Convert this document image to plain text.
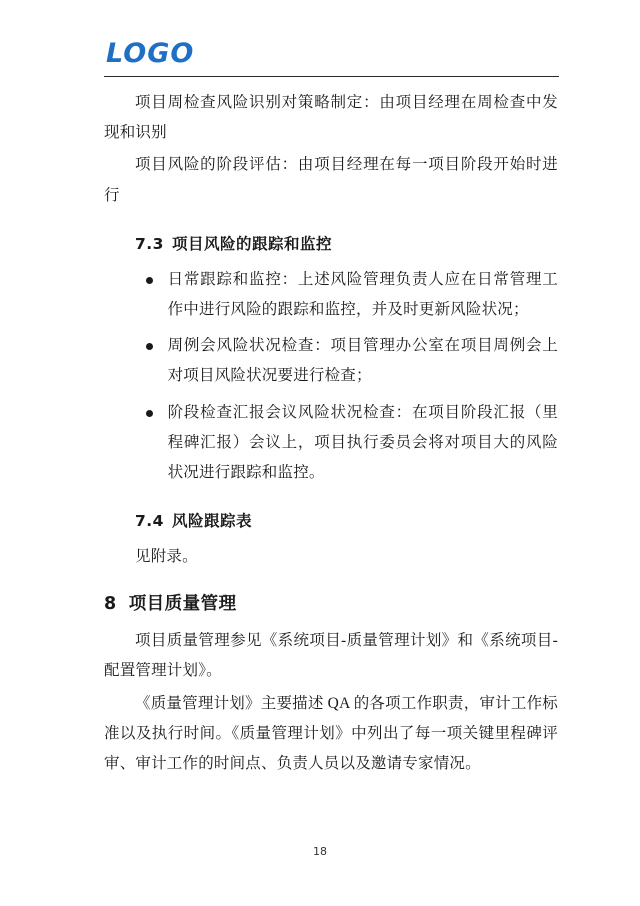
LOGO

项目周检查风险识别对策略制定：由项目经理在周检查中发现和识别

项目风险的阶段评估：由项目经理在每一项目阶段开始时进行

7.3 项目风险的跟踪和监控
日常跟踪和监控：上述风险管理负责人应在日常管理工作中进行风险的跟踪和监控，并及时更新风险状况；
周例会风险状况检查：项目管理办公室在项目周例会上对项目风险状况要进行检查；
阶段检查汇报会议风险状况检查：在项目阶段汇报（里程碑汇报）会议上，项目执行委员会将对项目大的风险状况进行跟踪和监控。
7.4 风险跟踪表

见附录。

8 项目质量管理

项目质量管理参见《系统项目-质量管理计划》和《系统项目-配置管理计划》。

《质量管理计划》主要描述 QA 的各项工作职责，审计工作标准以及执行时间。《质量管理计划》中列出了每一项关键里程碑评审、审计工作的时间点、负责人员以及邀请专家情况。

18
